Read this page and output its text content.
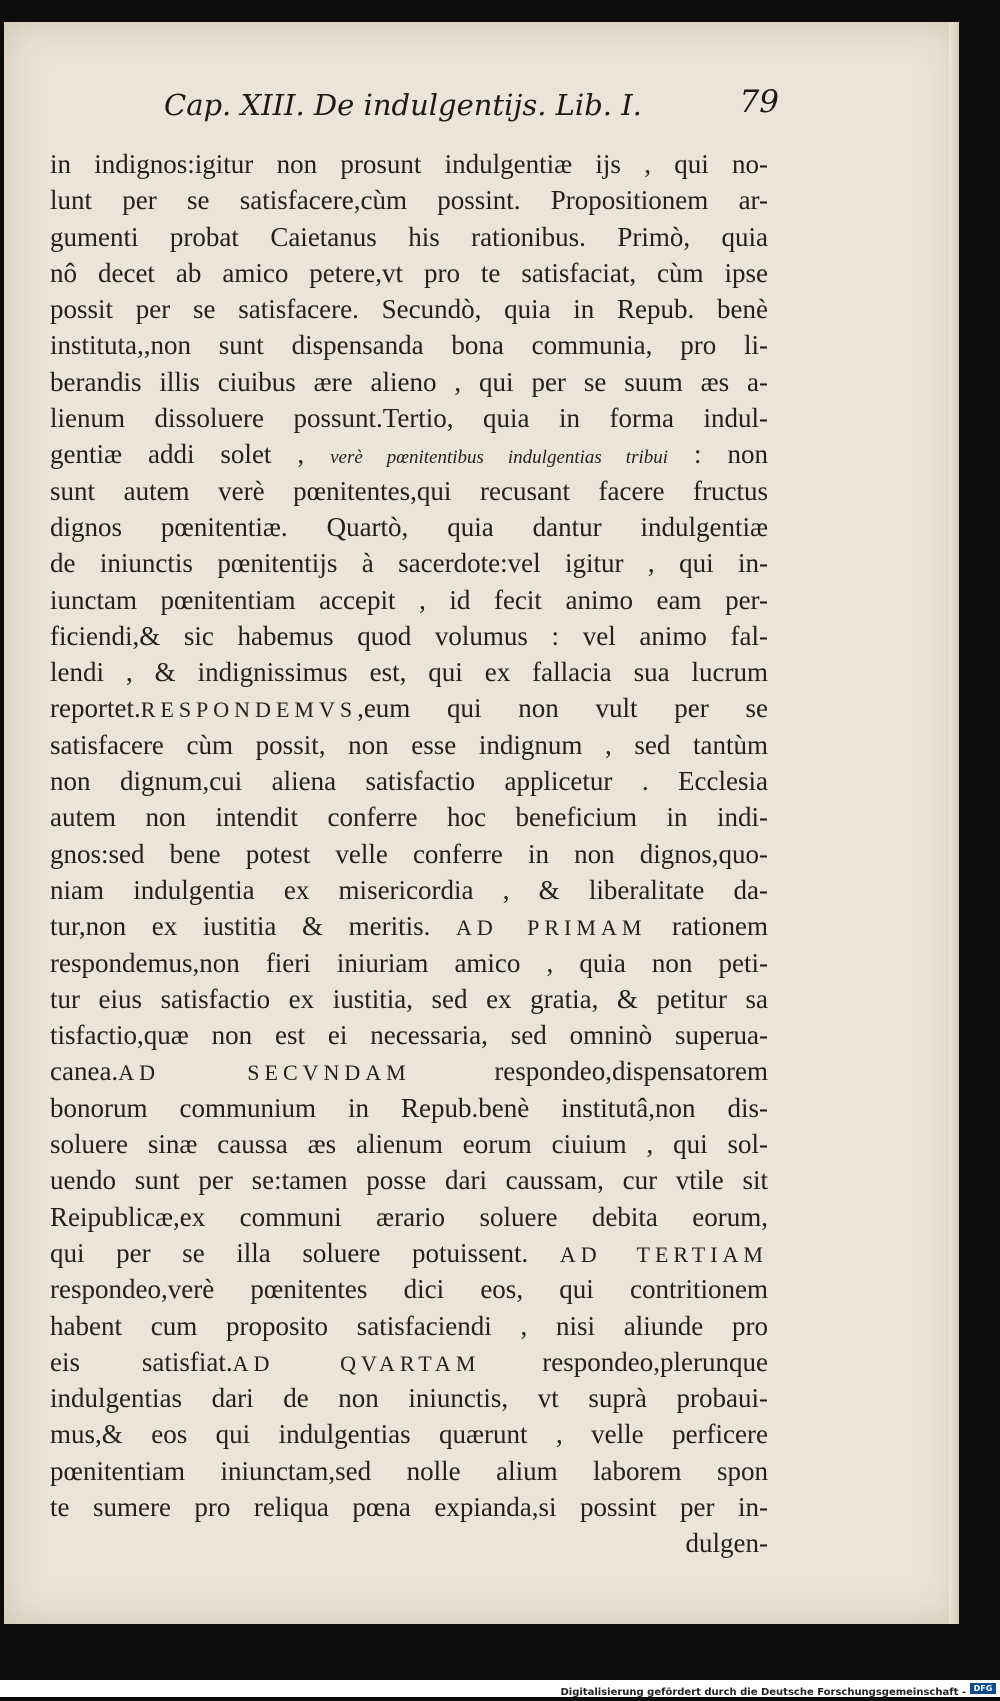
Cap. XIII. De indulgentijs. Lib. I.	79
in indignos:igitur non prosunt indulgentiæ ijs , qui no-
lunt per se satisfacere,cùm possint. Propositionem ar-
gumenti probat Caietanus his rationibus. Primò, quia
nô decet ab amico petere,vt pro te satisfaciat, cùm ipse
possit per se satisfacere. Secundò, quia in Repub. benè
instituta,,non sunt dispensanda bona communia, pro li-
berandis illis ciuibus ære alieno , qui per se suum æs a-
lienum dissoluere possunt.Tertio, quia in forma indul-
gentiæ addi solet , verè pœnitentibus indulgentias tribui : non
sunt autem verè pœnitentes,qui recusant facere fructus
dignos pœnitentiæ. Quartò, quia dantur indulgentiæ
de iniunctis pœnitentijs à sacerdote:vel igitur , qui in-
iunctam pœnitentiam accepit , id fecit animo eam per-
ficiendi,& sic habemus quod volumus : vel animo fal-
lendi , & indignissimus est, qui ex fallacia sua lucrum
reportet.RESPONDEMVS,eum qui non vult per se
satisfacere cùm possit, non esse indignum , sed tantùm
non dignum,cui aliena satisfactio applicetur . Ecclesia
autem non intendit conferre hoc beneficium in indi-
gnos:sed bene potest velle conferre in non dignos,quo-
niam indulgentia ex misericordia , & liberalitate da-
tur,non ex iustitia & meritis. AD PRIMAM rationem
respondemus,non fieri iniuriam amico , quia non peti-
tur eius satisfactio ex iustitia, sed ex gratia, & petitur sa
tisfactio,quæ non est ei necessaria, sed omninò superua-
canea.AD SECVNDAM respondeo,dispensatorem
bonorum communium in Repub.benè institutâ,non dis-
soluere sinæ caussa æs alienum eorum ciuium , qui sol-
uendo sunt per se:tamen posse dari caussam, cur vtile sit
Reipublicæ,ex communi ærario soluere debita eorum,
qui per se illa soluere potuissent. AD TERTIAM
respondeo,verè pœnitentes dici eos, qui contritionem
habent cum proposito satisfaciendi , nisi aliunde pro
eis satisfiat.AD QVARTAM respondeo,plerunque
indulgentias dari de non iniunctis, vt suprà probaui-
mus,& eos qui indulgentias quærunt , velle perficere
pœnitentiam iniunctam,sed nolle alium laborem spon
te sumere pro reliqua pœna expianda,si possint per in-
dulgen-
Digitalisierung gefördert durch die Deutsche Forschungsgemeinschaft - DFG
